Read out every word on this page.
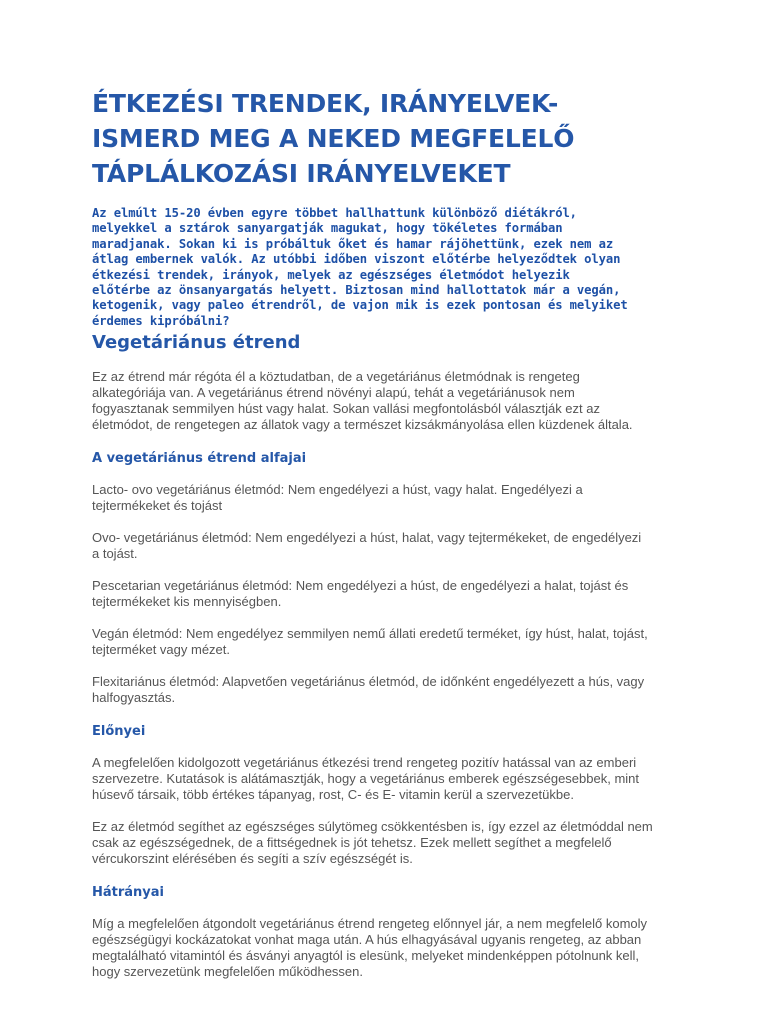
ÉTKEZÉSI TRENDEK, IRÁNYELVEK-
ISMERD MEG A NEKED MEGFELELŐ
TÁPLÁLKOZÁSI IRÁNYELVEKET

Az elmúlt 15-20 évben egyre többet hallhattunk különböző diétákról,
melyekkel a sztárok sanyargatják magukat, hogy tökéletes formában
maradjanak. Sokan ki is próbáltuk őket és hamar rájöhettünk, ezek nem az
átlag embernek valók. Az utóbbi időben viszont előtérbe helyeződtek olyan
étkezési trendek, irányok, melyek az egészséges életmódot helyezik
előtérbe az önsanyargatás helyett. Biztosan mind hallottatok már a vegán,
ketogenik, vagy paleo étrendről, de vajon mik is ezek pontosan és melyiket
érdemes kipróbálni?

Vegetáriánus étrend

Ez az étrend már régóta él a köztudatban, de a vegetáriánus életmódnak is rengeteg
alkategóriája van. A vegetáriánus étrend növényi alapú, tehát a vegetáriánusok nem
fogyasztanak semmilyen húst vagy halat. Sokan vallási megfontolásból választják ezt az
életmódot, de rengetegen az állatok vagy a természet kizsákmányolása ellen küzdenek általa.

A vegetáriánus étrend alfajai

Lacto- ovo vegetáriánus életmód: Nem engedélyezi a húst, vagy halat. Engedélyezi a
tejtermékeket és tojást

Ovo- vegetáriánus életmód: Nem engedélyezi a húst, halat, vagy tejtermékeket, de engedélyezi
a tojást.

Pescetarian vegetáriánus életmód: Nem engedélyezi a húst, de engedélyezi a halat, tojást és
tejtermékeket kis mennyiségben.

Vegán életmód: Nem engedélyez semmilyen nemű állati eredetű terméket, így húst, halat, tojást,
tejterméket vagy mézet.

Flexitariánus életmód: Alapvetően vegetáriánus életmód, de időnként engedélyezett a hús, vagy
halfogyasztás.

Előnyei

A megfelelően kidolgozott vegetáriánus étkezési trend rengeteg pozitív hatással van az emberi
szervezetre. Kutatások is alátámasztják, hogy a vegetáriánus emberek egészségesebbek, mint
húsevő társaik, több értékes tápanyag, rost, C- és E- vitamin kerül a szervezetükbe.

Ez az életmód segíthet az egészséges súlytömeg csökkentésben is, így ezzel az életmóddal nem
csak az egészségednek, de a fittségednek is jót tehetsz. Ezek mellett segíthet a megfelelő
vércukorszint elérésében és segíti a szív egészségét is.

Hátrányai

Míg a megfelelően átgondolt vegetáriánus étrend rengeteg előnnyel jár, a nem megfelelő komoly
egészségügyi kockázatokat vonhat maga után. A hús elhagyásával ugyanis rengeteg, az abban
megtalálható vitamintól és ásványi anyagtól is elesünk, melyeket mindenképpen pótolnunk kell,
hogy szervezetünk megfelelően működhessen.
